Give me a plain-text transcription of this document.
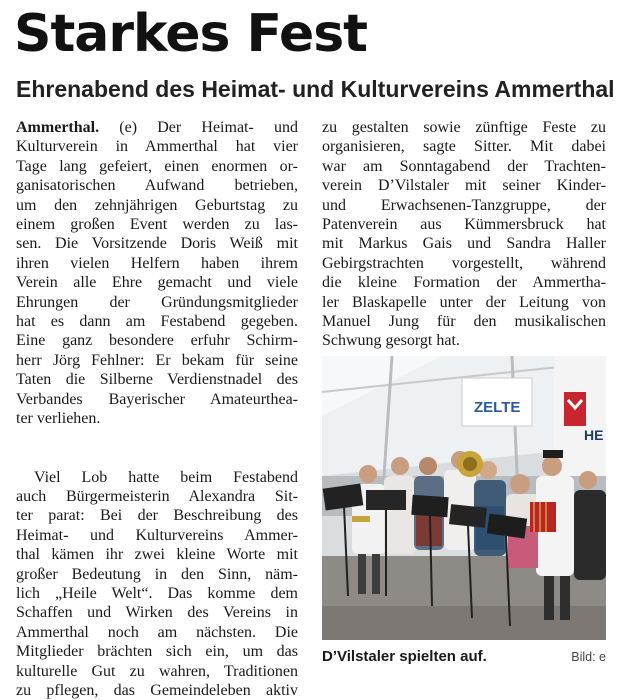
Starkes Fest
Ehrenabend des Heimat- und Kulturvereins Ammerthal
Ammerthal. (e) Der Heimat- und
Kulturverein in Ammerthal hat vier
Tage lang gefeiert, einen enormen or-
ganisatorischen Aufwand betrieben,
um den zehnjährigen Geburtstag zu
einem großen Event werden zu las-
sen. Die Vorsitzende Doris Weiß mit
ihren vielen Helfern haben ihrem
Verein alle Ehre gemacht und viele
Ehrungen der Gründungsmitglieder
hat es dann am Festabend gegeben.
Eine ganz besondere erfuhr Schirm-
herr Jörg Fehlner: Er bekam für seine
Taten die Silberne Verdienstnadel des
Verbandes Bayerischer Amateurthea-
ter verliehen.
Viel Lob hatte beim Festabend
auch Bürgermeisterin Alexandra Sit-
ter parat: Bei der Beschreibung des
Heimat- und Kulturvereins Ammer-
thal kämen ihr zwei kleine Worte mit
großer Bedeutung in den Sinn, näm-
lich „Heile Welt“. Das komme dem
Schaffen und Wirken des Vereins in
Ammerthal noch am nächsten. Die
Mitglieder brächten sich ein, um das
kulturelle Gut zu wahren, Traditionen
zu pflegen, das Gemeindeleben aktiv
zu gestalten sowie zünftige Feste zu
organisieren, sagte Sitter. Mit dabei
war am Sonntagabend der Trachten-
verein D’Vilstaler mit seiner Kinder-
und Erwachsenen-Tanzgruppe, der
Patenverein aus Kümmersbruck hat
mit Markus Gais und Sandra Haller
Gebirgstrachten vorgestellt, während
die kleine Formation der Ammertha-
ler Blaskapelle unter der Leitung von
Manuel Jung für den musikalischen
Schwung gesorgt hat.
ZELTE
HE
D’Vilstaler spielten auf.	Bild: e
